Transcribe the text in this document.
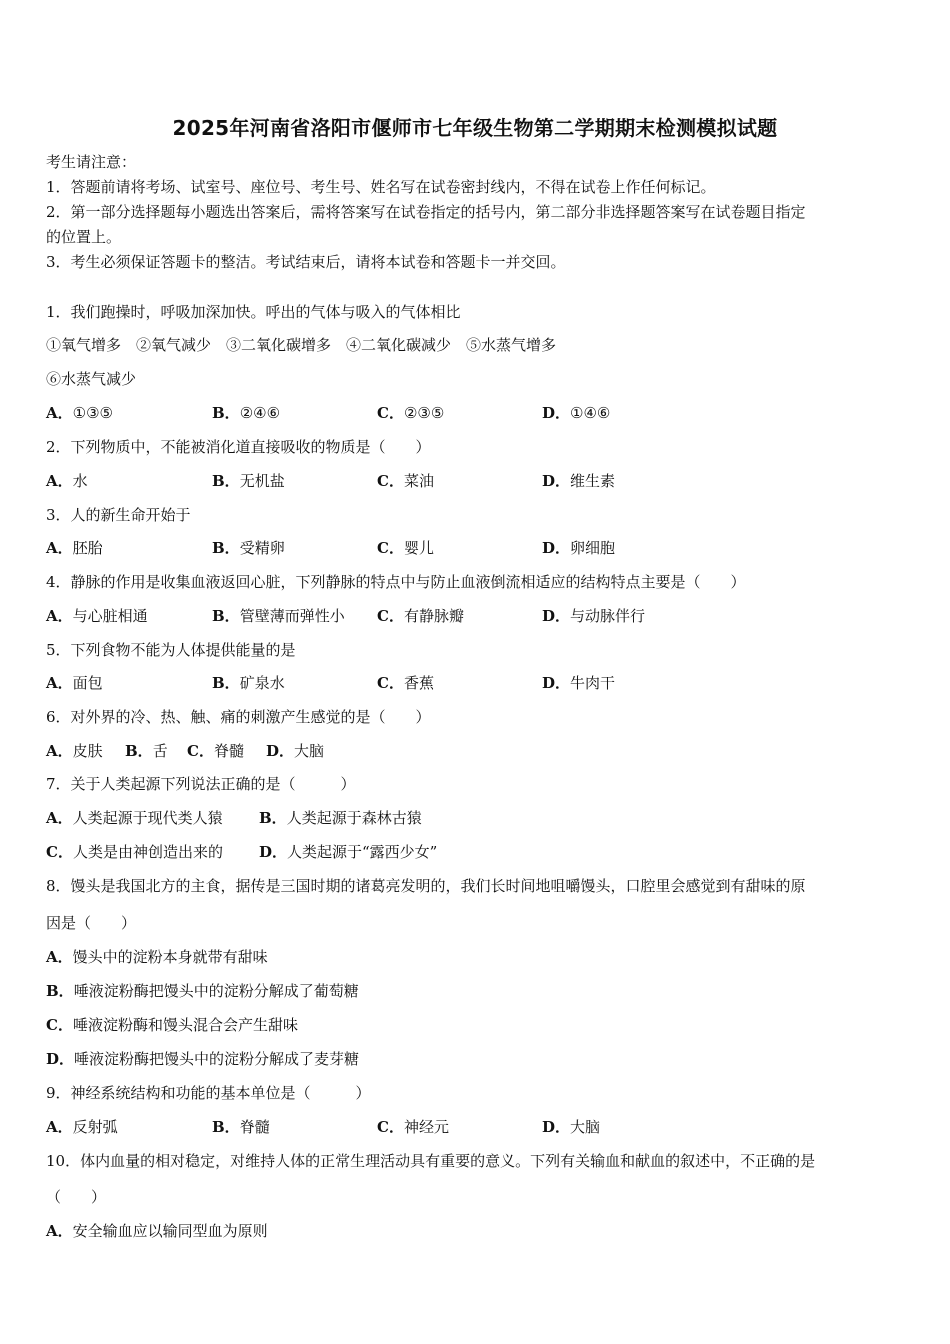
2025年河南省洛阳市偃师市七年级生物第二学期期末检测模拟试题
考生请注意：
1．答题前请将考场、试室号、座位号、考生号、姓名写在试卷密封线内，不得在试卷上作任何标记。
2．第一部分选择题每小题选出答案后，需将答案写在试卷指定的括号内，第二部分非选择题答案写在试卷题目指定
的位置上。
3．考生必须保证答题卡的整洁。考试结束后，请将本试卷和答题卡一并交回。
1．我们跑操时，呼吸加深加快。呼出的气体与吸入的气体相比
①氧气增多　②氧气减少　③二氧化碳增多　④二氧化碳减少　⑤水蒸气增多
⑥水蒸气减少
A．①③⑤	B．②④⑥	C．②③⑤	D．①④⑥
2．下列物质中，不能被消化道直接吸收的物质是（　　）
A．水	B．无机盐	C．菜油	D．维生素
3．人的新生命开始于
A．胚胎	B．受精卵	C．婴儿	D．卵细胞
4．静脉的作用是收集血液返回心脏，下列静脉的特点中与防止血液倒流相适应的结构特点主要是（　　）
A．与心脏相通	B．管壁薄而弹性小 C．有静脉瓣	D．与动脉伴行
5．下列食物不能为人体提供能量的是
A．面包	B．矿泉水	C．香蕉	D．牛肉干
6．对外界的冷、热、触、痛的刺激产生感觉的是（　　）
A．皮肤 B．舌 C．脊髓 D．大脑
7．关于人类起源下列说法正确的是（　　　）
A．人类起源于现代类人猿 B．人类起源于森林古猿
C．人类是由神创造出来的 D．人类起源于“露西少女”
8．馒头是我国北方的主食，据传是三国时期的诸葛亮发明的，我们长时间地咀嚼馒头，口腔里会感觉到有甜味的原
因是（　　）
A．馒头中的淀粉本身就带有甜味
B．唾液淀粉酶把馒头中的淀粉分解成了葡萄糖
C．唾液淀粉酶和馒头混合会产生甜味
D．唾液淀粉酶把馒头中的淀粉分解成了麦芽糖
9．神经系统结构和功能的基本单位是（　　　）
A．反射弧	B．脊髓	C．神经元	D．大脑
10．体内血量的相对稳定，对维持人体的正常生理活动具有重要的意义。下列有关输血和献血的叙述中，不正确的是
（　　）
A．安全输血应以输同型血为原则
